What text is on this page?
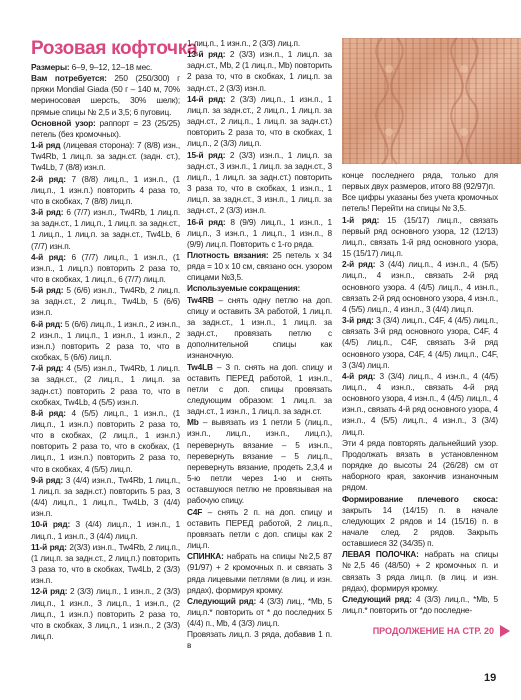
Розовая кофточка

Размеры: 6–9, 9–12, 12–18 мес.

Вам потребуется: 250 (250/300) г пряжи Mondial Giada (50 г – 140 м, 70% мериносовая шерсть, 30% шелк); прямые спицы № 2,5 и 3,5; 6 пуговиц.

Основной узор: раппорт = 23 (25/25) петель (без кромочных).

1-й ряд (лицевая сторона): 7 (8/8) изн., Tw4Rb, 1 лиц.п. за задн.ст. (задн. ст.), Tw4Lb, 7 (8/8) изн.п.

2-й ряд: 7 (8/8) лиц.п., 1 изн.п., (1 лиц.п., 1 изн.п.) повторить 4 раза то, что в скобках, 7 (8/8) лиц.п.

3-й ряд: 6 (7/7) изн.п., Tw4Rb, 1 лиц.п. за задн.ст., 1 лиц.п., 1 лиц.п. за задн.ст., 1 лиц.п., 1 лиц.п. за задн.ст., Tw4Lb, 6 (7/7) изн.п.

4-й ряд: 6 (7/7) лиц.п., 1 изн.п., (1 изн.п., 1 лиц.п.) повторить 2 раза то, что в скобках, 1 лиц.п., 6 (7/7) лиц.п.

5-й ряд: 5 (6/6) изн.п., Tw4Rb, 2 лиц.п. за задн.ст., 2 лиц.п., Tw4Lb, 5 (6/6) изн.п.

6-й ряд: 5 (6/6) лиц.п., 1 изн.п., 2 изн.п., 2 изн.п., 1 лиц.п., 1 изн.п., 1 изн.п., 2 изн.п.) повторить 2 раза то, что в скобках, 5 (6/6) лиц.п.

7-й ряд: 4 (5/5) изн.п., Tw4Rb, 1 лиц.п. за задн.ст., (2 лиц.п., 1 лиц.п. за задн.ст.) повторить 2 раза то, что в скобках, Tw4Lb, 4 (5/5) изн.п.

8-й ряд: 4 (5/5) лиц.п., 1 изн.п., (1 лиц.п., 1 изн.п.) повторить 2 раза то, что в скобках, (2 лиц.п., 1 изн.п.) повторить 2 раза то, что в скобках, (1 лиц.п., 1 изн.п.) повторить 2 раза то, что в скобках, 4 (5/5) лиц.п.

9-й ряд: 3 (4/4) изн.п., Tw4Rb, 1 лиц.п., 1 лиц.п. за задн.ст.) повторить 5 раз, 3 (4/4) лиц.п., 1 лиц.п., Tw4Lb, 3 (4/4) изн.п.

10-й ряд: 3 (4/4) лиц.п., 1 изн.п., 1 лиц.п., 1 изн.п., 3 (4/4) лиц.п.

11-й ряд: 2(3/3) изн.п., Tw4Rb, 2 лиц.п., (1 лиц.п. за задн.ст., 2 лиц.п.) повторить 3 раза то, что в скобках, Tw4Lb, 2 (3/3) изн.п.

12-й ряд: 2 (3/3) лиц.п., 1 изн.п., 2 (3/3) лиц.п., 1 изн.п., 3 лиц.п., 1 изн.п., (2 лиц.п., 1 изн.п.) повторить 2 раза то, что в скобках, 3 лиц.п., 1 изн.п., 2 (3/3) лиц.п.

1 лиц.п., 1 изн.п., 2 (3/3) лиц.п.

13-й ряд: 2 (3/3) изн.п., 1 лиц.п. за задн.ст., Mb, 2 (1 лиц.п., Mb) повторить 2 раза то, что в скобках, 1 лиц.п. за задн.ст., 2 (3/3) изн.п.

14-й ряд: 2 (3/3) лиц.п., 1 изн.п., 1 лиц.п. за задн.ст., 2 лиц.п., 1 лиц.п. за задн.ст., 2 лиц.п., 1 лиц.п. за задн.ст.) повторить 2 раза то, что в скобках, 1 лиц.п., 2 (3/3) лиц.п.

15-й ряд: 2 (3/3) изн.п., 1 лиц.п. за задн.ст., 3 изн.п., 1 лиц.п. за задн.ст., 3 лиц.п., 1 лиц.п. за задн.ст.) повторить 3 раза то, что в скобках, 1 изн.п., 1 лиц.п. за задн.ст., 3 изн.п., 1 лиц.п. за задн.ст., 2 (3/3) изн.п.

16-й ряд: 8 (9/9) лиц.п., 1 изн.п., 1 лиц.п., 3 изн.п., 1 лиц.п., 1 изн.п., 8 (9/9) лиц.п. Повторить с 1-го ряда.

Плотность вязания: 25 петель x 34 ряда = 10 x 10 см, связано осн. узором спицами №3,5.

Используемые сокращения:

Tw4RB – снять одну петлю на доп. спицу и оставить ЗА работой, 1 лиц.п. за задн.ст., 1 изн.п., 1 лиц.п. за задн.ст., провязать петлю с дополнительной спицы как изнаночную.

Tw4LB – 3 п. снять на доп. спицу и оставить ПЕРЕД работой, 1 изн.п., петли с доп. спицы провязать следующим образом: 1 лиц.п. за задн.ст., 1 изн.п., 1 лиц.п. за задн.ст.

Mb – вывязать из 1 петли 5 (лиц.п., изн.п., лиц.п., изн.п., лиц.п.), перевернуть вязание – 5 изн.п., перевернуть вязание – 5 лиц.п., перевернуть вязание, продеть 2,3,4 и 5-ю петли через 1-ю и снять оставшуюся петлю не провязывая на рабочую спицу.

C4F – снять 2 п. на доп. спицу и оставить ПЕРЕД работой, 2 лиц.п., провязать петли с доп. спицы как 2 лиц.п.

СПИНКА: набрать на спицы №2,5 87 (91/97) + 2 кромочных п. и связать 3 ряда лицевыми петлями (в лиц. и изн. рядах), формируя кромку.

Следующий ряд: 4 (3/3) лиц., *Mb, 5 лиц.п.* повторить от * до последних 5 (4/4) п., Mb, 4 (3/3) лиц.п.

Провязать лиц.п. 3 ряда, добавив 1 п. в

конце последнего ряда, только для первых двух размеров, итого 88 (92/97)п.

Все цифры указаны без учета кромочных петель! Перейти на спицы № 3,5.

1-й ряд: 15 (15/17) лиц.п., связать первый ряд основного узора, 12 (12/13) лиц.п., связать 1-й ряд основного узора, 15 (15/17) лиц.п.

2-й ряд: 3 (4/4) лиц.п., 4 изн.п., 4 (5/5) лиц.п., 4 изн.п., связать 2-й ряд основного узора. 4 (4/5) лиц.п., 4 изн.п., связать 2-й ряд основного узора, 4 изн.п., 4 (5/5) лиц.п., 4 изн.п., 3 (4/4) лиц.п.

3-й ряд: 3 (3/4) лиц.п., C4F, 4 (4/5) лиц.п., связать 3-й ряд основного узора, C4F, 4 (4/5) лиц.п., C4F, связать 3-й ряд основного узора, C4F, 4 (4/5) лиц.п., C4F, 3 (3/4) лиц.п.

4-й ряд: 3 (3/4) лиц.п., 4 изн.п., 4 (4/5) лиц.п., 4 изн.п., связать 4-й ряд основного узора, 4 изн.п., 4 (4/5) лиц.п., 4 изн.п., связать 4-й ряд основного узора, 4 изн.п., 4 (5/5) лиц.п., 4 изн.п., 3 (3/4) лиц.п.

Эти 4 ряда повторять дальнейший узор. Продолжать вязать в установленном порядке до высоты 24 (26/28) см от наборного края, закончив изнаночным рядом.

Формирование плечевого скоса: закрыть 14 (14/15) п. в начале следующих 2 рядов и 14 (15/16) п. в начале след. 2 рядов. Закрыть оставшиеся 32 (34/35) п.

ЛЕВАЯ ПОЛОЧКА: набрать на спицы №2,5 46 (48/50) + 2 кромочных п. и связать 3 ряда лиц.п. (в лиц. и изн. рядах), формируя кромку.

Следующий ряд: 4 (3/3) лиц.п., *Mb, 5 лиц.п.* повторить от *до последне-

ПРОДОЛЖЕНИЕ НА СТР. 20
19
